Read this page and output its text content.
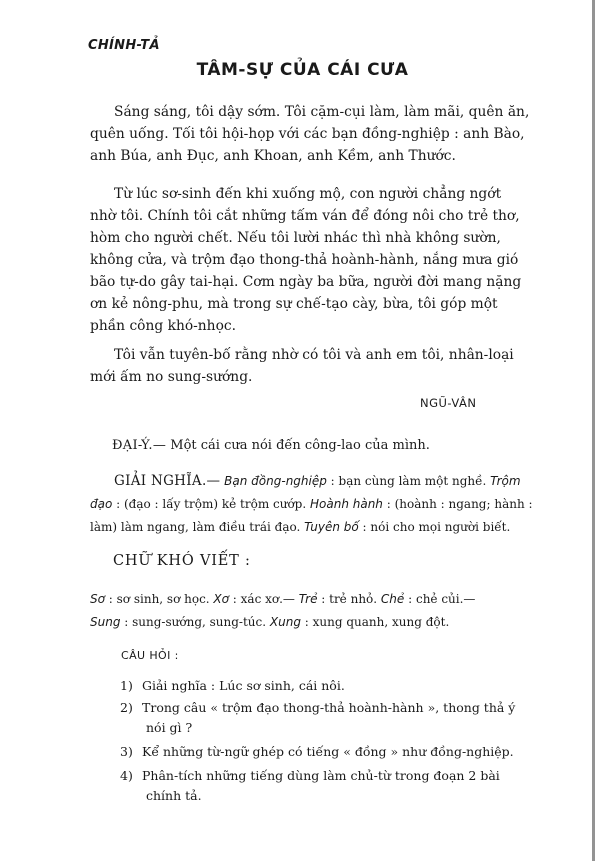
CHÍNH-TẢ
TÂM-SỰ CỦA CÁI CƯA
Sáng sáng, tôi dậy sớm. Tôi cặm-cụi làm, làm mãi, quên ăn,
quên uống. Tối tôi hội-họp với các bạn đồng-nghiệp : anh Bào,
anh Búa, anh Đục, anh Khoan, anh Kềm, anh Thước.
Từ lúc sơ-sinh đến khi xuống mộ, con người chẳng ngớt
nhờ tôi. Chính tôi cắt những tấm ván để đóng nôi cho trẻ thơ,
hòm cho người chết. Nếu tôi lười nhác thì nhà không sườn,
không cửa, và trộm đạo thong-thả hoành-hành, nắng mưa gió
bão tự-do gây tai-hại. Cơm ngày ba bữa, người đời mang nặng
ơn kẻ nông-phu, mà trong sự chế-tạo cày, bừa, tôi góp một
phần công khó-nhọc.
Tôi vẫn tuyên-bố rằng nhờ có tôi và anh em tôi, nhân-loại
mới ấm no sung-sướng.
NGŨ-VÂN
ĐẠI-Ý.— Một cái cưa nói đến công-lao của mình.
GIẢI NGHĨA.— Bạn đồng-nghiệp : bạn cùng làm một nghề. Trộm
đạo : (đạo : lấy trộm) kẻ trộm cướp. Hoành hành : (hoành : ngang; hành :
làm) làm ngang, làm điều trái đạo. Tuyên bố : nói cho mọi người biết.
CHỮ KHÓ VIẾT :
Sơ : sơ sinh, sơ học. Xơ : xác xơ.— Trẻ : trẻ nhỏ. Chẻ : chẻ củi.—
Sung : sung-sướng, sung-túc. Xung : xung quanh, xung đột.
CÂU HỎI :
1) Giải nghĩa : Lúc sơ sinh, cái nôi.
2) Trong câu « trộm đạo thong-thả hoành-hành », thong thả ý
nói gì ?
3) Kể những từ-ngữ ghép có tiếng « đồng » như đồng-nghiệp.
4) Phân-tích những tiếng dùng làm chủ-từ trong đoạn 2 bài
chính tả.
